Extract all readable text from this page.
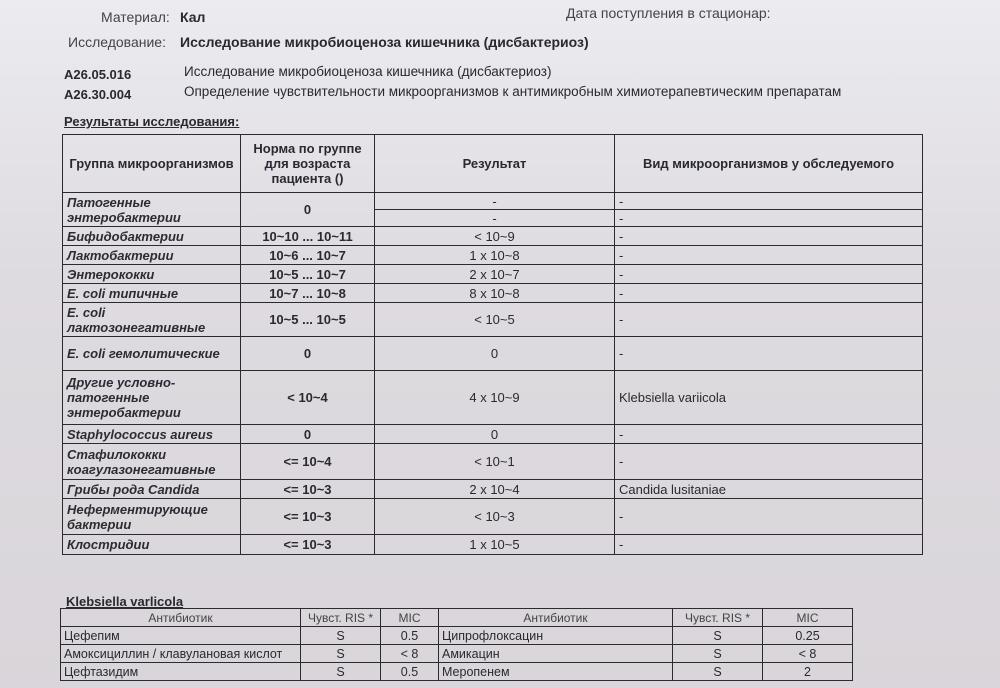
Материал: Кал	Дата поступления в стационар:
Исследование: Исследование микробиоценоза кишечника (дисбактериоз)
A26.05.016	Исследование микробиоценоза кишечника (дисбактериоз)
A26.30.004	Определение чувствительности микроорганизмов к антимикробным химиотерапевтическим препаратам
Результаты исследования:
Группа микроорганизмов	Норма по группе для возраста пациента ()	Результат	Вид микроорганизмов у обследуемого
Патогенные энтеробактерии	0	-	-
		-	-
Бифидобактерии	10~10 ... 10~11	< 10~9	-
Лактобактерии	10~6 ... 10~7	1 x 10~8	-
Энтерококки	10~5 ... 10~7	2 x 10~7	-
E. coli типичные	10~7 ... 10~8	8 x 10~8	-
E. coli лактозонегативные	10~5 ... 10~5	< 10~5	-
E. coli гемолитические	0	0	-
Другие условно-патогенные энтеробактерии	< 10~4	4 x 10~9	Klebsiella variicola
Staphylococcus aureus	0	0	-
Стафилококки коагулазонегативные	<= 10~4	< 10~1	-
Грибы рода Candida	<= 10~3	2 x 10~4	Candida lusitaniae
Неферментирующие бактерии	<= 10~3	< 10~3	-
Клостридии	<= 10~3	1 x 10~5	-
Klebsiella varlicola
Антибиотик	Чувст. RIS *	MIC	Антибиотик	Чувст. RIS *	MIC
Цефепим	S	0.5	Ципрофлоксацин	S	0.25
Амоксициллин / клавулановая кислот	S	< 8	Амикацин	S	< 8
Цефтазидим	S	0.5	Меропенем	S	2
